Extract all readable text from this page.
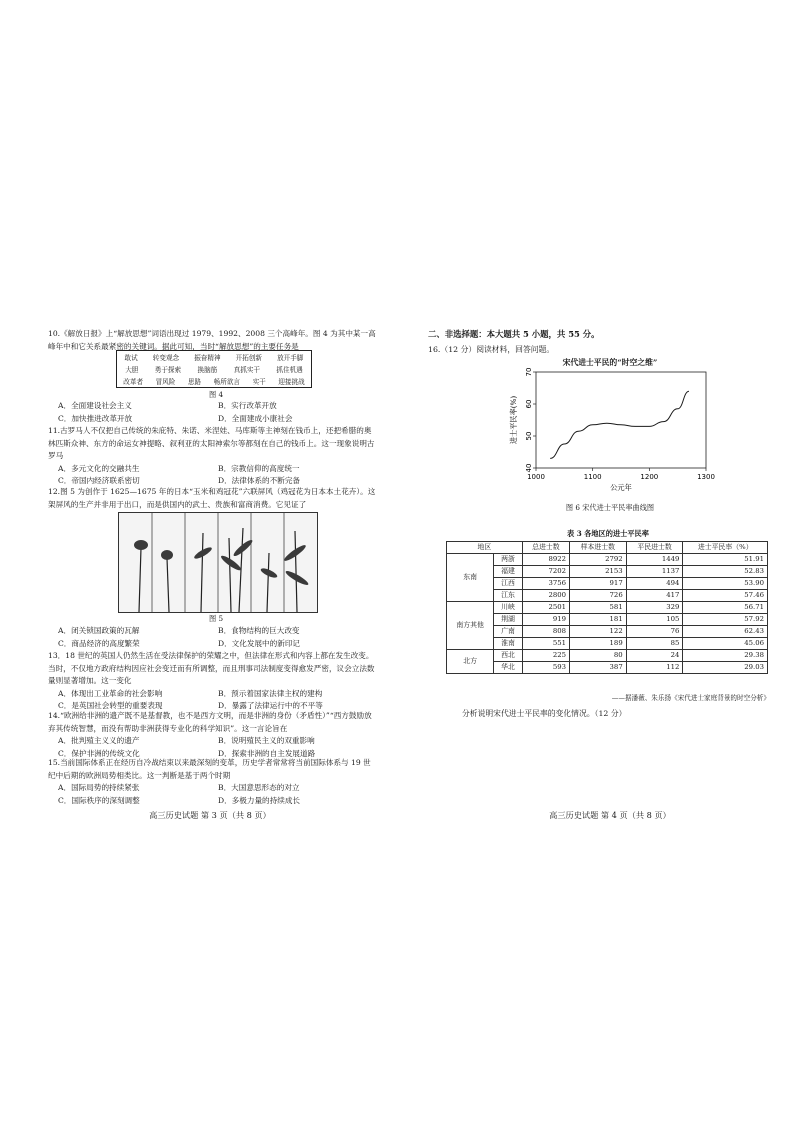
10.《解放日报》上“解放思想”词语出现过 1979、1992、2008 三个高峰年。图 4 为其中某一高峰年中和它关系最紧密的关键词。据此可知，当时“解放思想”的主要任务是
敢试 转变观念 振奋精神 开拓创新 放开手脚
大胆 勇于探索 换脑筋 真抓实干 抓住机遇
改革者 冒风险 思路 畅所欲言 实干 迎接挑战
图 4
A．全面建设社会主义	B．实行改革开放
C．加快推进改革开放	D．全面建成小康社会
11.古罗马人不仅把自己传统的朱庇特、朱诺、米涅娃、马库斯等主神刻在钱币上，还把希腊的奥林匹斯众神、东方的命运女神提略、叙利亚的太阳神索尔等都刻在自己的钱币上。这一现象说明古罗马
A．多元文化的交融共生	B．宗教信仰的高度统一
C．帝国内经济联系密切	D．法律体系的不断完备
12.图 5 为创作于 1625—1675 年的日本“玉米和鸡冠花”六联屏风（鸡冠花为日本本土花卉）。这架屏风的生产并非用于出口，而是供国内的武士、贵族和富商消费。它见证了
图 5
A．闭关锁国政策的瓦解	B．食物结构的巨大改变
C．商品经济的高度繁荣	D．文化发展中的新印记
13．18 世纪的英国人仍然生活在受法律保护的荣耀之中，但法律在形式和内容上都在发生改变。当时，不仅地方政府结构因应社会变迁而有所调整，而且刑事司法制度变得愈发严密，议会立法数量则显著增加。这一变化
A．体现出工业革命的社会影响	B．预示着国家法律主权的建构
C．是英国社会转型的重要表现	D．暴露了法律运行中的不平等
14.“欧洲给非洲的遗产既不是基督教，也不是西方文明，而是非洲的身份（矛盾性）”“西方鼓励放弃其传统智慧，而没有帮助非洲获得专业化的科学知识”。这一言论旨在
A．批判殖主义义的遗产	B．说明殖民主义的双重影响
C．保护非洲的传统文化	D．探索非洲的自主发展道路
15.当前国际体系正在经历自冷战结束以来最深刻的变革，历史学者常常将当前国际体系与 19 世纪中后期的欧洲局势相类比。这一判断是基于两个时期
A．国际局势的持续紧张	B．大国意思形态的对立
C．国际秩序的深刻调整	D．多极力量的持续成长
高三历史试题 第 3 页（共 8 页）
二、非选择题：本大题共 5 小题，共 55 分。
16.（12 分）阅读材料，回答问题。
宋代进士平民的“时空之维”
1000	1100	1200	1300
40
50
60
70
公元年
进士平民率(%)
图 6 宋代进士平民率曲线图
表 3 各地区的进士平民率
地区		总进士数	样本进士数	平民进士数	进士平民率（%）
东南	两浙	8922	2792	1449	51.91
	福建	7202	2153	1137	52.83
	江西	3756	917	494	53.90
	江东	2800	726	417	57.46
南方其他	川峡	2501	581	329	56.71
	荆湖	919	181	105	57.92
	广南	808	122	76	62.43
	淮南	551	189	85	45.06
北方	西北	225	80	24	29.38
	华北	593	387	112	29.03
——据潘薇、朱乐扬《宋代进士家庭背景的时空分析》
分析说明宋代进士平民率的变化情况。（12 分）
高三历史试题 第 4 页（共 8 页）
